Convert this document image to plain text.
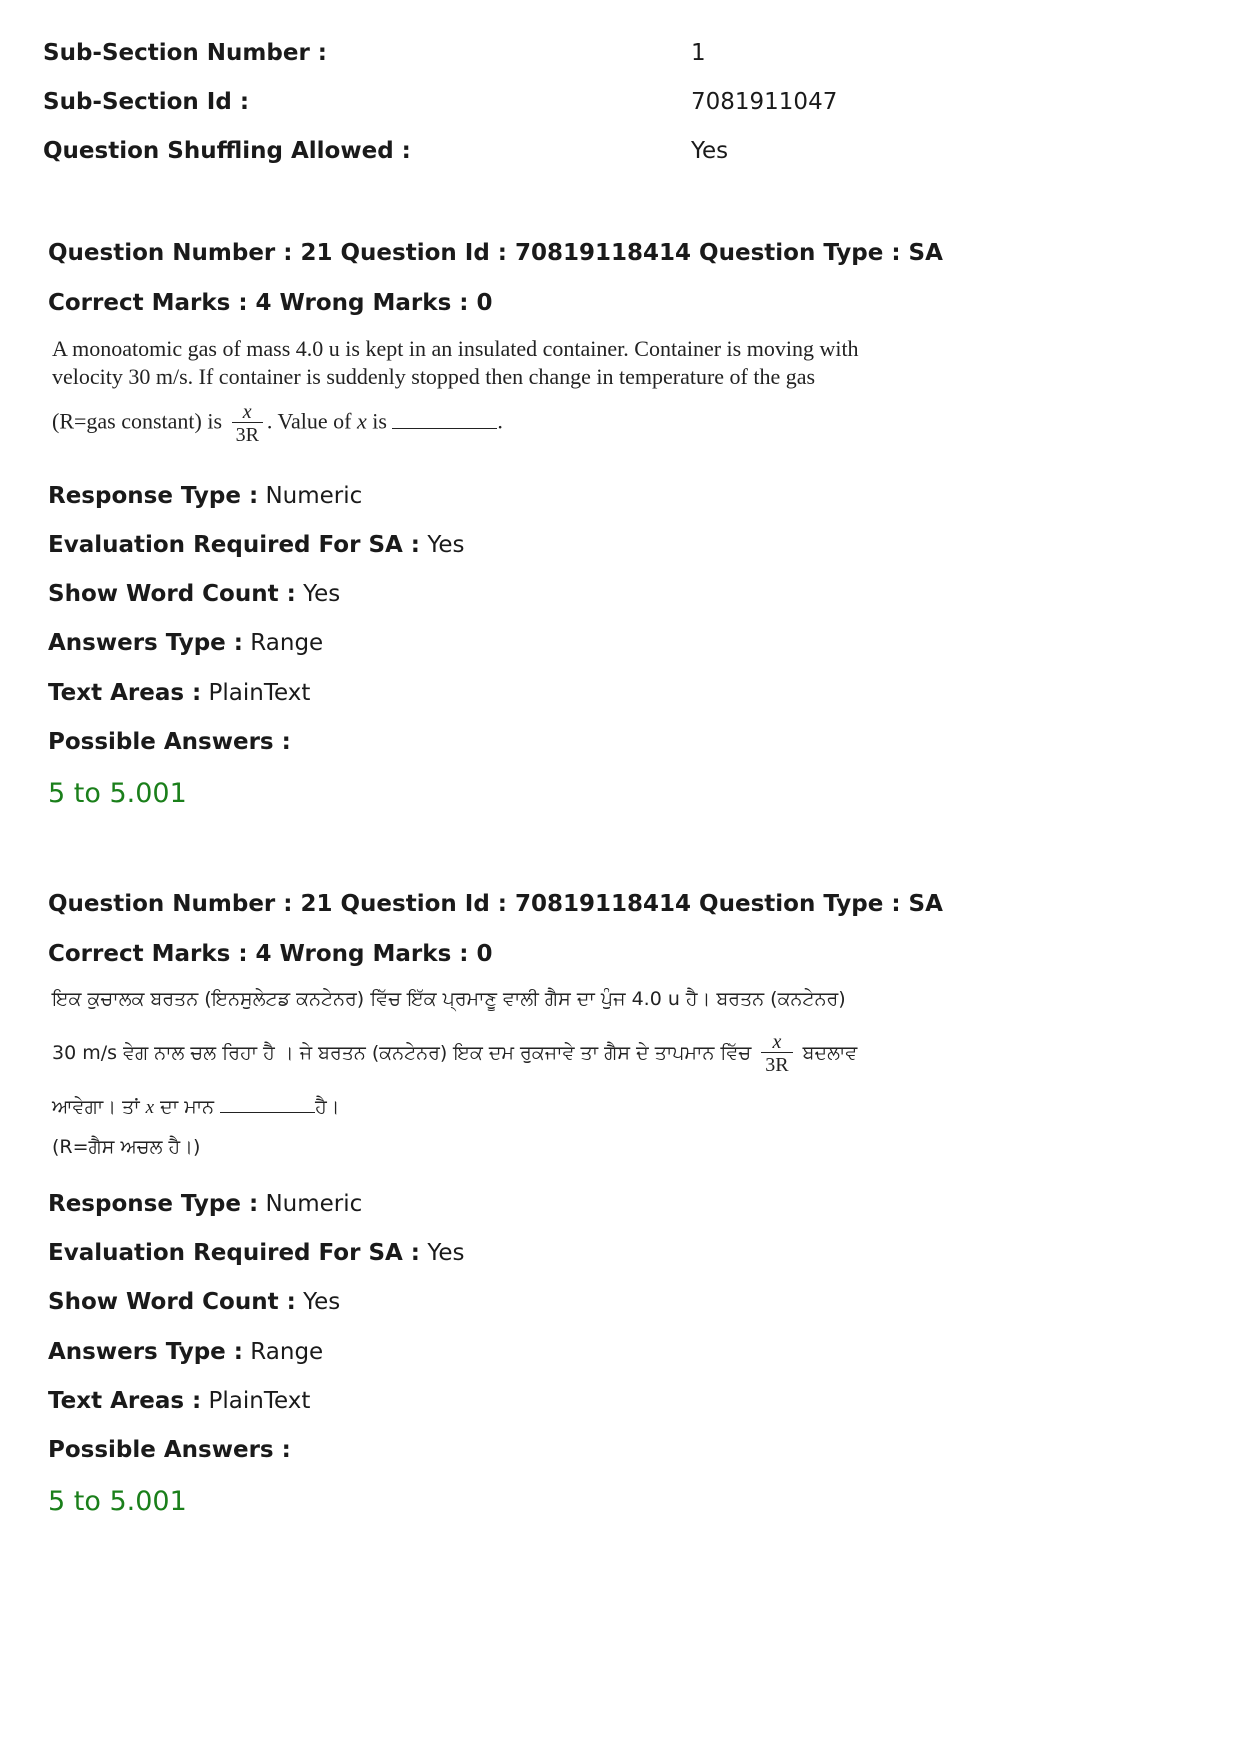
Sub-Section Number :	1
Sub-Section Id :	7081911047
Question Shuffling Allowed :	Yes
Question Number : 21 Question Id : 70819118414 Question Type : SA
Correct Marks : 4 Wrong Marks : 0
A monoatomic gas of mass 4.0 u is kept in an insulated container. Container is moving with
velocity 30 m/s. If container is suddenly stopped then change in temperature of the gas
(R=gas constant) is $\frac{x}{3R}$ . Value of x is	.
Response Type : Numeric
Evaluation Required For SA : Yes
Show Word Count : Yes
Answers Type : Range
Text Areas : PlainText
Possible Answers :
5 to 5.001
Question Number : 21 Question Id : 70819118414 Question Type : SA
Correct Marks : 4 Wrong Marks : 0
ਇਕ ਕੁਚਾਲਕ ਬਰਤਨ (ਇਨਸੁਲੇਟਡ ਕਨਟੇਨਰ) ਵਿੱਚ ਇੱਕ ਪ੍ਰਮਾਣੂ ਵਾਲੀ ਗੈਸ ਦਾ ਪੁੰਜ 4.0 u ਹੈ। ਬਰਤਨ (ਕਨਟੇਨਰ)
30 m/s ਵੇਗ ਨਾਲ ਚਲ ਰਿਹਾ ਹੈ । ਜੇ ਬਰਤਨ (ਕਨਟੇਨਰ) ਇਕ ਦਮ ਰੁਕਜਾਵੇ ਤਾ ਗੈਸ ਦੇ ਤਾਪਮਾਨ ਵਿੱਚ $\frac{x}{3R}$ ਬਦਲਾਵ
ਆਵੇਗਾ। ਤਾਂ x ਦਾ ਮਾਨ	ਹੈ।
(R=ਗੈਸ ਅਚਲ ਹੈ।)
Response Type : Numeric
Evaluation Required For SA : Yes
Show Word Count : Yes
Answers Type : Range
Text Areas : PlainText
Possible Answers :
5 to 5.001
